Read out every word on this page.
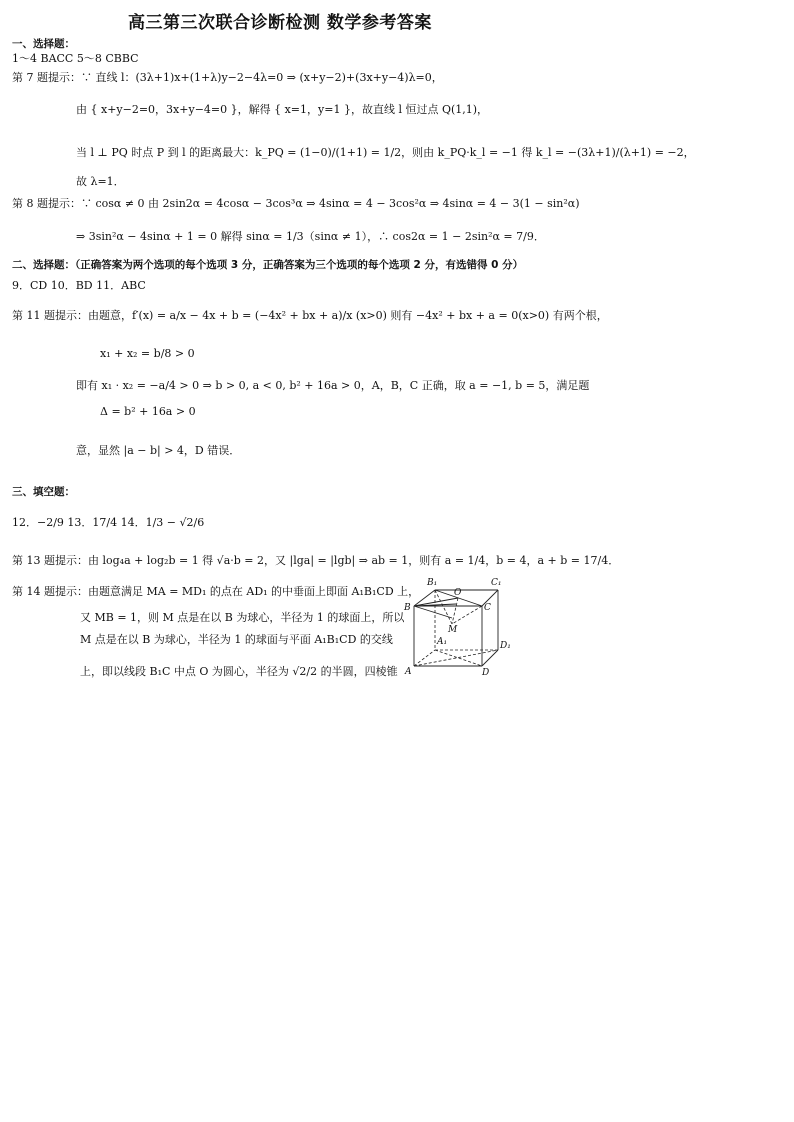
高三第三次联合诊断检测 数学参考答案
一、选择题：
1～4 BACC 5～8 CBBC
第 7 题提示：∵ 直线 l：(3λ+1)x+(1+λ)y−2−4λ=0 ⇒ (x+y−2)+(3x+y−4)λ=0，
由 { x+y−2=0，3x+y−4=0 }，解得 { x=1，y=1 }，故直线 l 恒过点 Q(1,1)，
当 l ⊥ PQ 时点 P 到 l 的距离最大：k_PQ = (1−0)/(1+1) = 1/2，则由 k_PQ·k_l = −1 得 k_l = −(3λ+1)/(λ+1) = −2，
故 λ=1．
第 8 题提示：∵ cosα ≠ 0 由 2sin2α = 4cosα − 3cos³α ⇒ 4sinα = 4 − 3cos²α ⇒ 4sinα = 4 − 3(1 − sin²α)
⇒ 3sin²α − 4sinα + 1 = 0 解得 sinα = 1/3（sinα ≠ 1），∴ cos2α = 1 − 2sin²α = 7/9．
二、选择题：（正确答案为两个选项的每个选项 3 分，正确答案为三个选项的每个选项 2 分，有选错得 0 分）
9．CD 10．BD 11．ABC
第 11 题提示：由题意，f′(x) = a/x − 4x + b = (−4x² + bx + a)/x (x>0) 则有 −4x² + bx + a = 0(x>0) 有两个根，
x₁ + x₂ = b/8 > 0
即有 x₁ · x₂ = −a/4 > 0 ⇒ b > 0, a < 0, b² + 16a > 0，A，B，C 正确，取 a = −1, b = 5，满足题
Δ = b² + 16a > 0
意，显然 |a − b| > 4，D 错误．
三、填空题：
12．−2/9 13．17/4 14．1/3 − √2/6
第 13 题提示：由 log₄a + log₂b = 1 得 √a·b = 2，又 |lga| = |lgb| ⇒ ab = 1，则有 a = 1/4，b = 4，a + b = 17/4．
第 14 题提示：由题意满足 MA = MD₁ 的点在 AD₁ 的中垂面上即面 A₁B₁CD 上，
又 MB = 1，则 M 点是在以 B 为球心，半径为 1 的球面上，所以
M 点是在以 B 为球心，半径为 1 的球面与平面 A₁B₁CD 的交线
上，即以线段 B₁C 中点 O 为圆心，半径为 √2/2 的半圆，四棱锥
B₁	C₁
O
B	C
M
A₁	D₁
A	D
